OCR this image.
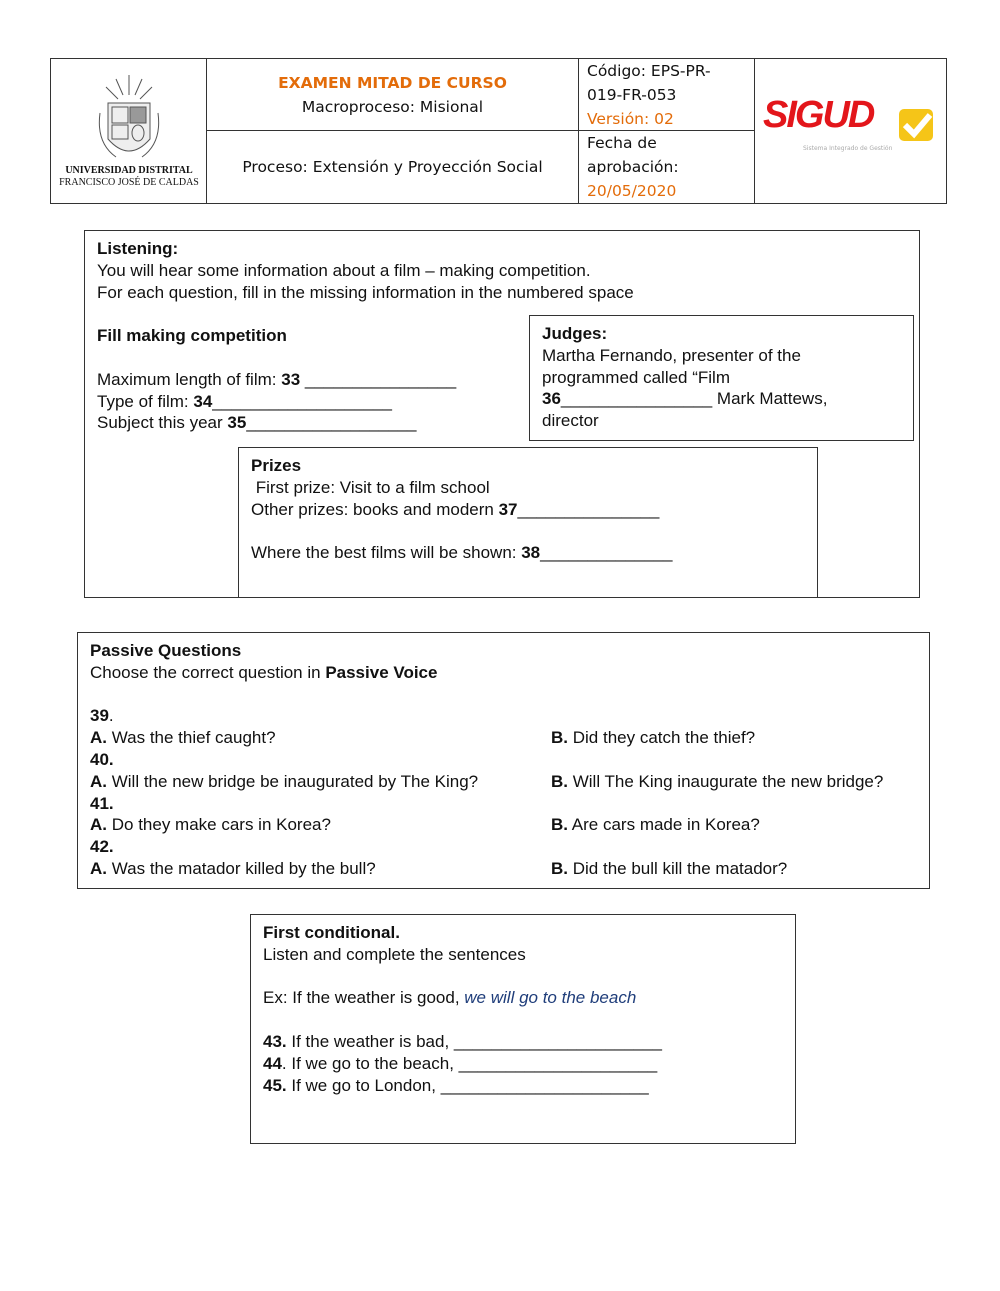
UNIVERSIDAD DISTRITAL
FRANCISCO JOSÉ DE CALDAS
EXAMEN MITAD DE CURSO
Macroproceso: Misional
Proceso: Extensión y Proyección Social
Código: EPS-PR-
019-FR-053
Versión: 02
Fecha de
aprobación:
20/05/2020
SIGUD
Sistema Integrado de Gestión
Listening:
You will hear some information about a film – making competition.
For each question, fill in the missing information in the numbered space
Fill making competition
Maximum length of film: 33 ________________
Type of film: 34___________________
Subject this year 35__________________
Judges:
Martha Fernando, presenter of the
programmed called “Film
36________________ Mark Mattews,
director
Prizes
First prize: Visit to a film school
Other prizes: books and modern 37_______________
Where the best films will be shown: 38______________
Passive Questions
Choose the correct question in Passive Voice
39.
A. Was the thief caught?	B. Did they catch the thief?
40.
A. Will the new bridge be inaugurated by The King?	B. Will The King inaugurate the new bridge?
41.
A. Do they make cars in Korea?	B. Are cars made in Korea?
42.
A. Was the matador killed by the bull?	B. Did the bull kill the matador?
First conditional.
Listen and complete the sentences
Ex: If the weather is good, we will go to the beach
43. If the weather is bad, ______________________
44. If we go to the beach, _____________________
45. If we go to London, ______________________
